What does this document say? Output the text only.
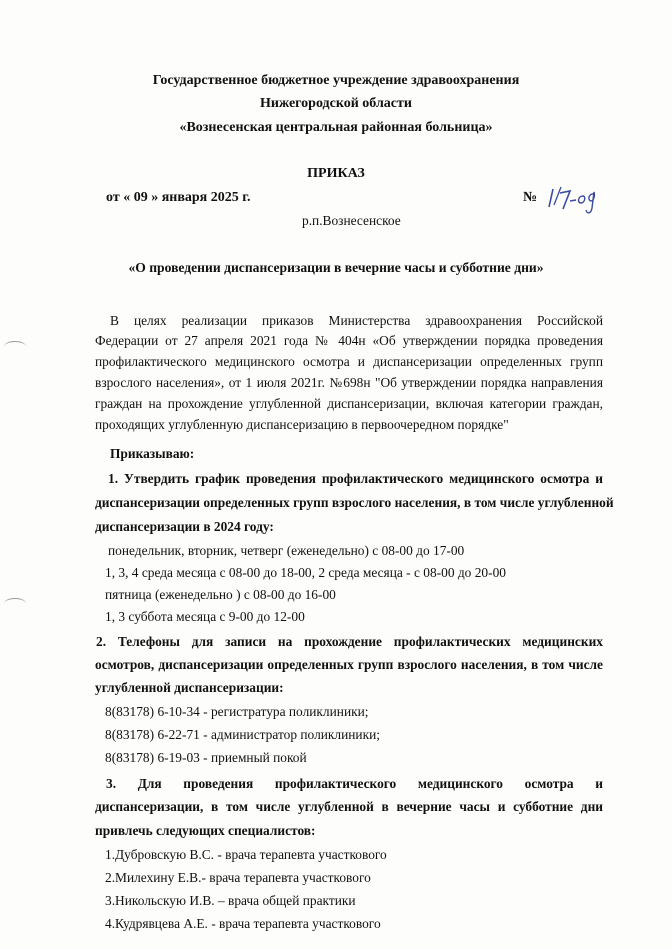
Государственное бюджетное учреждение здравоохранения
Нижегородской области
«Вознесенская центральная районная больница»
ПРИКАЗ
от « 09 » января 2025 г.	№
р.п.Вознесенское
«О проведении диспансеризации в вечерние часы и субботние дни»
В целях реализации приказов Министерства здравоохранения Российской
Федерации от 27 апреля 2021 года № 404н «Об утверждении порядка проведения
профилактического медицинского осмотра и диспансеризации определенных групп
взрослого населения», от 1 июля 2021г. №698н "Об утверждении порядка направления
граждан на прохождение углубленной диспансеризации, включая категории граждан,
проходящих углубленную диспансеризацию в первоочередном порядке"
Приказываю:
1. Утвердить график проведения профилактического медицинского осмотра и
диспансеризации определенных групп взрослого населения, в том числе углубленной
диспансеризации в 2024 году:
понедельник, вторник, четверг (еженедельно) с 08-00 до 17-00
1, 3, 4 среда месяца с 08-00 до 18-00, 2 среда месяца - с 08-00 до 20-00
пятница (еженедельно ) с 08-00 до 16-00
1, 3 суббота месяца с 9-00 до 12-00
2. Телефоны для записи на прохождение профилактических медицинских
осмотров, диспансеризации определенных групп взрослого населения, в том числе
углубленной диспансеризации:
8(83178) 6-10-34 - регистратура поликлиники;
8(83178) 6-22-71 - администратор поликлиники;
8(83178) 6-19-03 - приемный покой
3. Для проведения профилактического медицинского осмотра и
диспансеризации, в том числе углубленной в вечерние часы и субботние дни
привлечь следующих специалистов:
1.Дубровскую В.С. - врача терапевта участкового
2.Милехину Е.В.- врача терапевта участкового
3.Никольскую И.В. – врача общей практики
4.Кудрявцева А.Е. - врача терапевта участкового
